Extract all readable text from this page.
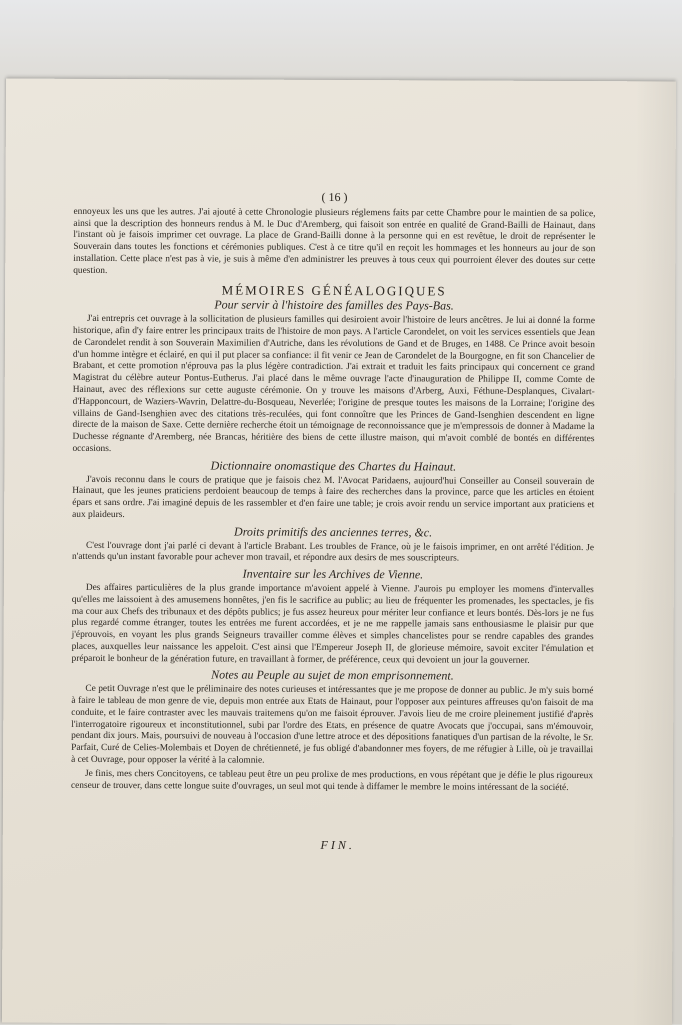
( 16 )

ennoyeux les uns que les autres. J'ai ajouté à cette Chronologie plusieurs réglemens faits par cette Chambre pour le maintien de sa police, ainsi que la description des honneurs rendus à M. le Duc d'Aremberg, qui faisoit son entrée en qualité de Grand-Bailli de Hainaut, dans l'instant où je faisois imprimer cet ouvrage. La place de Grand-Bailli donne à la personne qui en est revêtue, le droit de représenter le Souverain dans toutes les fonctions et cérémonies publiques. C'est à ce titre qu'il en reçoit les hommages et les honneurs au jour de son installation. Cette place n'est pas à vie, je suis à même d'en administrer les preuves à tous ceux qui pourroient élever des doutes sur cette question.

MÉMOIRES GÉNÉALOGIQUES
Pour servir à l'histoire des familles des Pays-Bas.

J'ai entrepris cet ouvrage à la sollicitation de plusieurs familles qui desiroient avoir l'histoire de leurs ancêtres. Je lui ai donné la forme historique, afin d'y faire entrer les principaux traits de l'histoire de mon pays. A l'article Carondelet, on voit les services essentiels que Jean de Carondelet rendit à son Souverain Maximilien d'Autriche, dans les révolutions de Gand et de Bruges, en 1488. Ce Prince avoit besoin d'un homme intègre et éclairé, en qui il put placer sa confiance: il fit venir ce Jean de Carondelet de la Bourgogne, en fit son Chancelier de Brabant, et cette promotion n'éprouva pas la plus légère contradiction. J'ai extrait et traduit les faits principaux qui concernent ce grand Magistrat du célèbre auteur Pontus-Eutherus. J'ai placé dans le même ouvrage l'acte d'inauguration de Philippe II, comme Comte de Hainaut, avec des réflexions sur cette auguste cérémonie. On y trouve les maisons d'Arberg, Auxi, Féthune-Desplanques, Civalart-d'Happoncourt, de Waziers-Wavrin, Delattre-du-Bosqueau, Neverlée; l'origine de presque toutes les maisons de la Lorraine; l'origine des villains de Gand-Isenghien avec des citations très-reculées, qui font connoître que les Princes de Gand-Isenghien descendent en ligne directe de la maison de Saxe. Cette dernière recherche étoit un témoignage de reconnoissance que je m'empressois de donner à Madame la Duchesse régnante d'Aremberg, née Brancas, héritière des biens de cette illustre maison, qui m'avoit comblé de bontés en différentes occasions.

Dictionnaire onomastique des Chartes du Hainaut.

J'avois reconnu dans le cours de pratique que je faisois chez M. l'Avocat Paridaens, aujourd'hui Conseiller au Conseil souverain de Hainaut, que les jeunes praticiens perdoient beaucoup de temps à faire des recherches dans la province, parce que les articles en étoient épars et sans ordre. J'ai imaginé depuis de les rassembler et d'en faire une table; je crois avoir rendu un service important aux praticiens et aux plaideurs.

Droits primitifs des anciennes terres, &c.

C'est l'ouvrage dont j'ai parlé ci devant à l'article Brabant. Les troubles de France, où je le faisois imprimer, en ont arrêté l'édition. Je n'attends qu'un instant favorable pour achever mon travail, et répondre aux desirs de mes souscripteurs.

Inventaire sur les Archives de Vienne.

Des affaires particulières de la plus grande importance m'avoient appelé à Vienne. J'aurois pu employer les momens d'intervalles qu'elles me laissoient à des amusemens honnêtes, j'en fis le sacrifice au public; au lieu de fréquenter les promenades, les spectacles, je fis ma cour aux Chefs des tribunaux et des dépôts publics; je fus assez heureux pour mériter leur confiance et leurs bontés. Dès-lors je ne fus plus regardé comme étranger, toutes les entrées me furent accordées, et je ne me rappelle jamais sans enthousiasme le plaisir pur que j'éprouvois, en voyant les plus grands Seigneurs travailler comme élèves et simples chancelistes pour se rendre capables des grandes places, auxquelles leur naissance les appeloit. C'est ainsi que l'Empereur Joseph II, de glorieuse mémoire, savoit exciter l'émulation et préparoit le bonheur de la génération future, en travaillant à former, de préférence, ceux qui devoient un jour la gouverner.

Notes au Peuple au sujet de mon emprisonnement.

Ce petit Ouvrage n'est que le préliminaire des notes curieuses et intéressantes que je me propose de donner au public. Je m'y suis borné à faire le tableau de mon genre de vie, depuis mon entrée aux Etats de Hainaut, pour l'opposer aux peintures affreuses qu'on faisoit de ma conduite, et le faire contraster avec les mauvais traitemens qu'on me faisoit éprouver. J'avois lieu de me croire pleinement justifié d'après l'interrogatoire rigoureux et inconstitutionnel, subi par l'ordre des Etats, en présence de quatre Avocats que j'occupai, sans m'émouvoir, pendant dix jours. Mais, poursuivi de nouveau à l'occasion d'une lettre atroce et des dépositions fanatiques d'un partisan de la révolte, le Sr. Parfait, Curé de Celies-Molembais et Doyen de chrétienneté, je fus obligé d'abandonner mes foyers, de me réfugier à Lille, où je travaillai à cet Ouvrage, pour opposer la vérité à la calomnie.

Je finis, mes chers Concitoyens, ce tableau peut être un peu prolixe de mes productions, en vous répétant que je défie le plus rigoureux censeur de trouver, dans cette longue suite d'ouvrages, un seul mot qui tende à diffamer le membre le moins intéressant de la société.

FIN.
